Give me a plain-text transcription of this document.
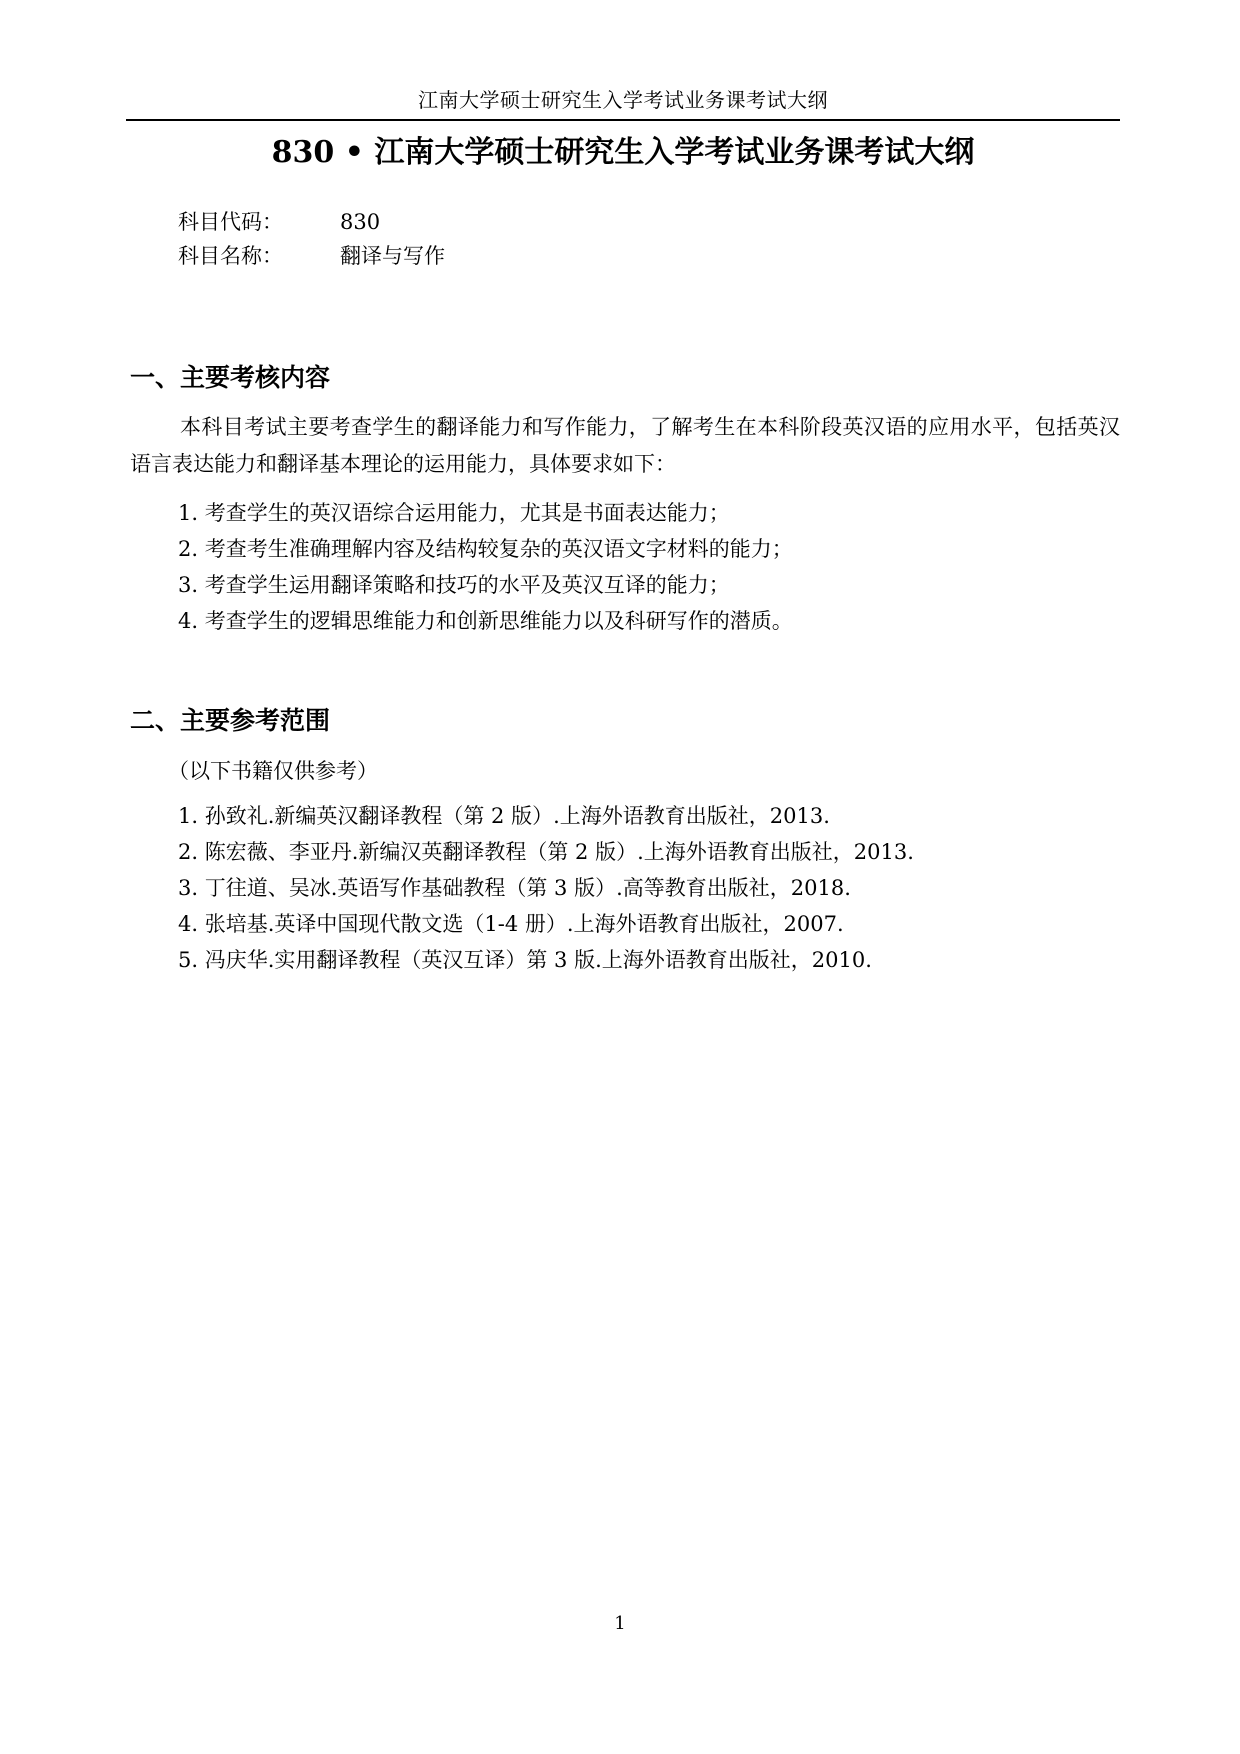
江南大学硕士研究生入学考试业务课考试大纲
830 • 江南大学硕士研究生入学考试业务课考试大纲
科目代码：	830
科目名称：	翻译与写作
一、主要考核内容
本科目考试主要考查学生的翻译能力和写作能力，了解考生在本科阶段英汉语的应用水平，包括英汉语言表达能力和翻译基本理论的运用能力，具体要求如下：
1. 考查学生的英汉语综合运用能力，尤其是书面表达能力；
2. 考查考生准确理解内容及结构较复杂的英汉语文字材料的能力；
3. 考查学生运用翻译策略和技巧的水平及英汉互译的能力；
4. 考查学生的逻辑思维能力和创新思维能力以及科研写作的潜质。
二、主要参考范围
（以下书籍仅供参考）
1. 孙致礼.新编英汉翻译教程（第 2 版）.上海外语教育出版社，2013.
2. 陈宏薇、李亚丹.新编汉英翻译教程（第 2 版）.上海外语教育出版社，2013.
3. 丁往道、吴冰.英语写作基础教程（第 3 版）.高等教育出版社，2018.
4. 张培基.英译中国现代散文选（1-4 册）.上海外语教育出版社，2007.
5. 冯庆华.实用翻译教程（英汉互译）第 3 版.上海外语教育出版社，2010.
1
